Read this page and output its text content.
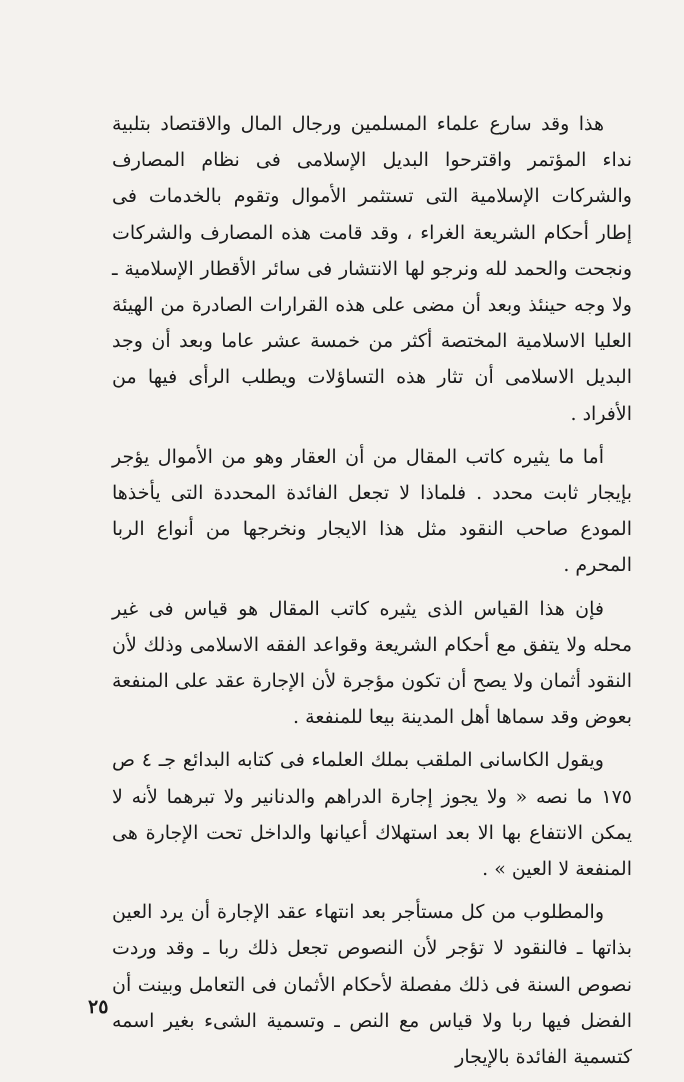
هذا وقد سارع علماء المسلمين ورجال المال والاقتصاد بتلبية نداء المؤتمر واقترحوا البديل الإسلامى فى نظام المصارف والشركات الإسلامية التى تستثمر الأموال وتقوم بالخدمات فى إطار أحكام الشريعة الغراء ، وقد قامت هذه المصارف والشركات ونجحت والحمد لله ونرجو لها الانتشار فى سائر الأقطار الإسلامية ـ ولا وجه حينئذ وبعد أن مضى على هذه القرارات الصادرة من الهيئة العليا الاسلامية المختصة أكثر من خمسة عشر عاما وبعد أن وجد البديل الاسلامى أن تثار هذه التساؤلات ويطلب الرأى فيها من الأفراد .

أما ما يثيره كاتب المقال من أن العقار وهو من الأموال يؤجر بإيجار ثابت محدد . فلماذا لا تجعل الفائدة المحددة التى يأخذها المودع صاحب النقود مثل هذا الايجار ونخرجها من أنواع الربا المحرم .

فإن هذا القياس الذى يثيره كاتب المقال هو قياس فى غير محله ولا يتفق مع أحكام الشريعة وقواعد الفقه الاسلامى وذلك لأن النقود أثمان ولا يصح أن تكون مؤجرة لأن الإجارة عقد على المنفعة بعوض وقد سماها أهل المدينة بيعا للمنفعة .

ويقول الكاسانى الملقب بملك العلماء فى كتابه البدائع جـ ٤ ص ١٧٥ ما نصه « ولا يجوز إجارة الدراهم والدنانير ولا تبرهما لأنه لا يمكن الانتفاع بها الا بعد استهلاك أعيانها والداخل تحت الإجارة هى المنفعة لا العين » .

والمطلوب من كل مستأجر بعد انتهاء عقد الإجارة أن يرد العين بذاتها ـ فالنقود لا تؤجر لأن النصوص تجعل ذلك ربا ـ وقد وردت نصوص السنة فى ذلك مفصلة لأحكام الأثمان فى التعامل وبينت أن الفضل فيها ربا ولا قياس مع النص ـ وتسمية الشىء بغير اسمه كتسمية الفائدة بالإيجار

٢٥
